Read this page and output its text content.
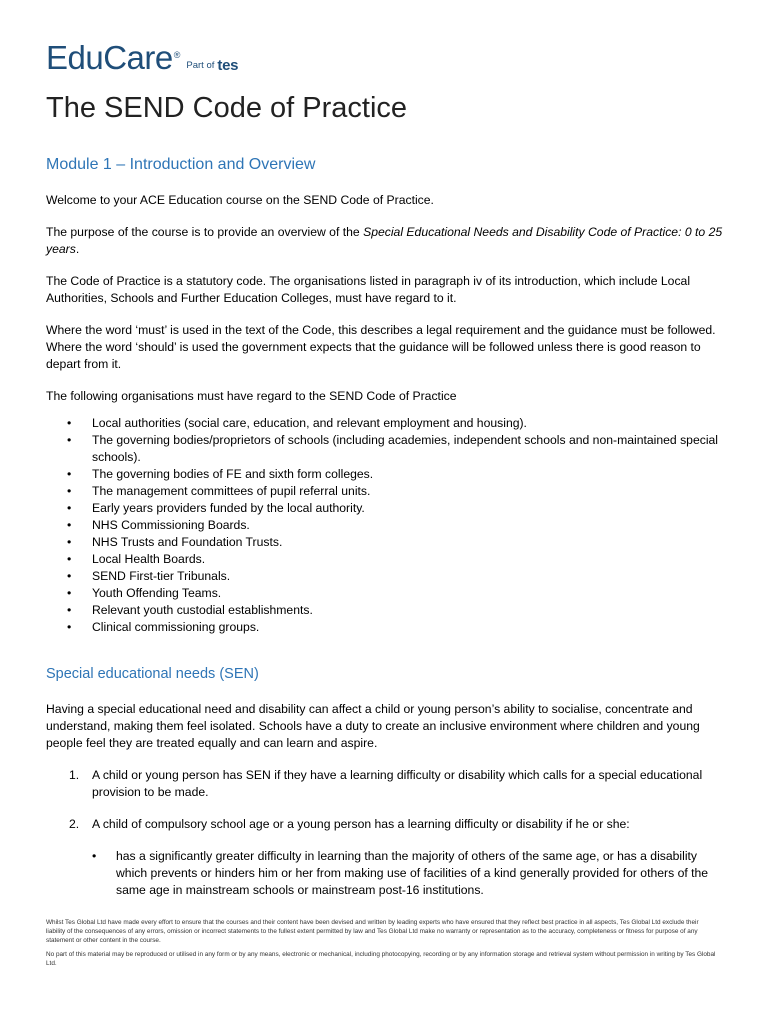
EduCare ®
Part of tes
The SEND Code of Practice
Module 1 – Introduction and Overview

Welcome to your ACE Education course on the SEND Code of Practice.

The purpose of the course is to provide an overview of the Special Educational Needs and Disability Code of Practice: 0 to 25 years.

The Code of Practice is a statutory code. The organisations listed in paragraph iv of its introduction, which include Local Authorities, Schools and Further Education Colleges, must have regard to it.

Where the word ‘must’ is used in the text of the Code, this describes a legal requirement and the guidance must be followed. Where the word ‘should’ is used the government expects that the guidance will be followed unless there is good reason to depart from it.

The following organisations must have regard to the SEND Code of Practice

• Local authorities (social care, education, and relevant employment and housing).
• The governing bodies/proprietors of schools (including academies, independent schools and non-maintained special schools).
• The governing bodies of FE and sixth form colleges.
• The management committees of pupil referral units.
• Early years providers funded by the local authority.
• NHS Commissioning Boards.
• NHS Trusts and Foundation Trusts.
• Local Health Boards.
• SEND First-tier Tribunals.
• Youth Offending Teams.
• Relevant youth custodial establishments.
• Clinical commissioning groups.
Special educational needs (SEN)

Having a special educational need and disability can affect a child or young person’s ability to socialise, concentrate and understand, making them feel isolated. Schools have a duty to create an inclusive environment where children and young people feel they are treated equally and can learn and aspire.

1. A child or young person has SEN if they have a learning difficulty or disability which calls for a special educational provision to be made.
2. A child of compulsory school age or a young person has a learning difficulty or disability if he or she:
• has a significantly greater difficulty in learning than the majority of others of the same age, or has a disability which prevents or hinders him or her from making use of facilities of a kind generally provided for others of the same age in mainstream schools or mainstream post-16 institutions.

Whilst Tes Global Ltd have made every effort to ensure that the courses and their content have been devised and written by leading experts who have ensured that they reflect best practice in all aspects, Tes Global Ltd exclude their liability of the consequences of any errors, omission or incorrect statements to the fullest extent permitted by law and Tes Global Ltd make no warranty or representation as to the accuracy, completeness or fitness for purpose of any statement or other content in the course.

No part of this material may be reproduced or utilised in any form or by any means, electronic or mechanical, including photocopying, recording or by any information storage and retrieval system without permission in writing by Tes Global Ltd.
